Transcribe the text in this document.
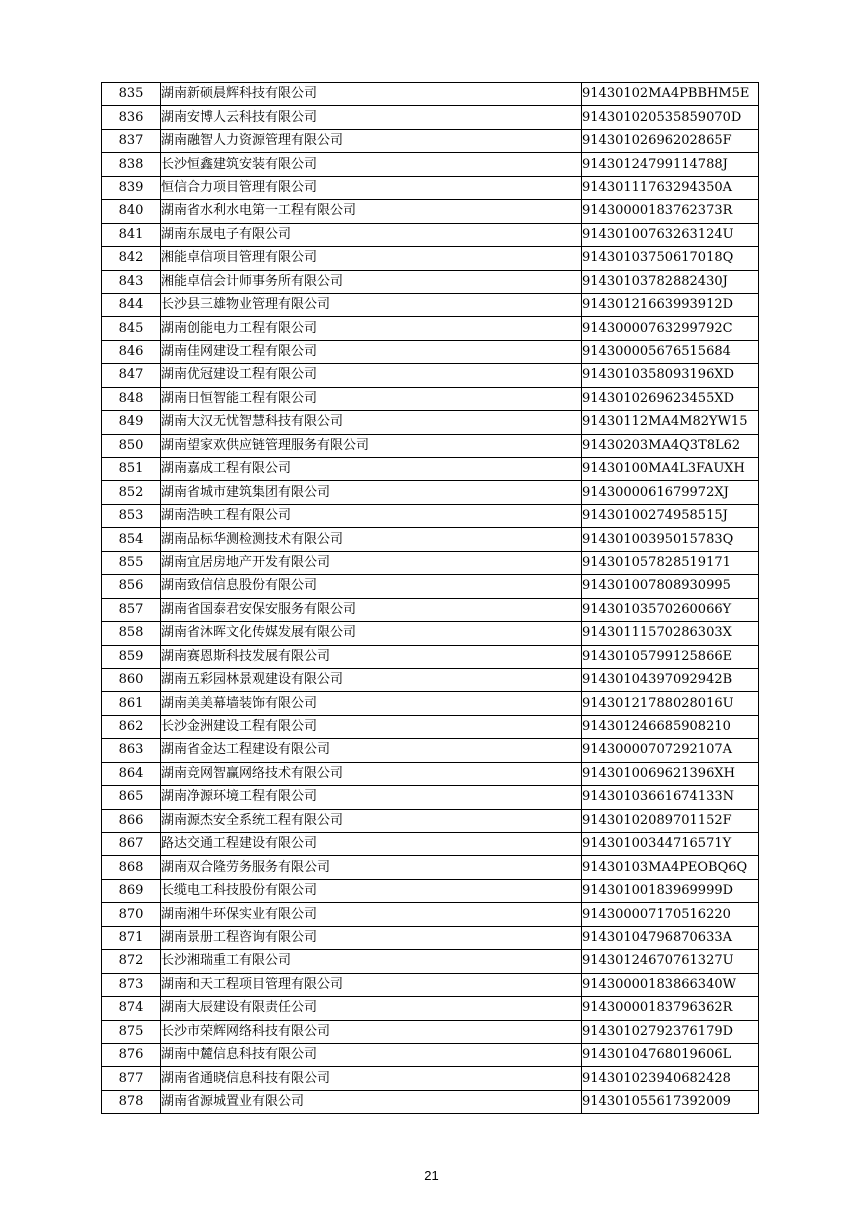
835	湖南新硕晨辉科技有限公司	91430102MA4PBBHM5E
836	湖南安博人云科技有限公司	914301020535859070D
837	湖南融智人力资源管理有限公司	91430102696202865F
838	长沙恒鑫建筑安装有限公司	91430124799114788J
839	恒信合力项目管理有限公司	91430111763294350A
840	湖南省水利水电第一工程有限公司	91430000183762373R
841	湖南东晟电子有限公司	91430100763263124U
842	湘能卓信项目管理有限公司	91430103750617018Q
843	湘能卓信会计师事务所有限公司	91430103782882430J
844	长沙县三雄物业管理有限公司	91430121663993912D
845	湖南创能电力工程有限公司	91430000763299792C
846	湖南佳网建设工程有限公司	914300005676515684
847	湖南优冠建设工程有限公司	9143010358093196XD
848	湖南日恒智能工程有限公司	9143010269623455XD
849	湖南大汉无忧智慧科技有限公司	91430112MA4M82YW15
850	湖南望家欢供应链管理服务有限公司	91430203MA4Q3T8L62
851	湖南嘉成工程有限公司	91430100MA4L3FAUXH
852	湖南省城市建筑集团有限公司	9143000061679972XJ
853	湖南浩映工程有限公司	91430100274958515J
854	湖南品标华测检测技术有限公司	91430100395015783Q
855	湖南宜居房地产开发有限公司	914301057828519171
856	湖南致信信息股份有限公司	914301007808930995
857	湖南省国泰君安保安服务有限公司	91430103570260066Y
858	湖南省沐晖文化传媒发展有限公司	91430111570286303X
859	湖南赛恩斯科技发展有限公司	91430105799125866E
860	湖南五彩园林景观建设有限公司	91430104397092942B
861	湖南美美幕墙装饰有限公司	91430121788028016U
862	长沙金洲建设工程有限公司	914301246685908210
863	湖南省金达工程建设有限公司	91430000707292107A
864	湖南竞网智赢网络技术有限公司	9143010069621396XH
865	湖南净源环境工程有限公司	91430103661674133N
866	湖南源杰安全系统工程有限公司	91430102089701152F
867	路达交通工程建设有限公司	91430100344716571Y
868	湖南双合隆劳务服务有限公司	91430103MA4PEOBQ6Q
869	长缆电工科技股份有限公司	91430100183969999D
870	湖南湘牛环保实业有限公司	914300007170516220
871	湖南景册工程咨询有限公司	91430104796870633A
872	长沙湘瑞重工有限公司	91430124670761327U
873	湖南和天工程项目管理有限公司	91430000183866340W
874	湖南大辰建设有限责任公司	91430000183796362R
875	长沙市荣辉网络科技有限公司	91430102792376179D
876	湖南中麓信息科技有限公司	91430104768019606L
877	湖南省通晓信息科技有限公司	914301023940682428
878	湖南省源城置业有限公司	914301055617392009
21
